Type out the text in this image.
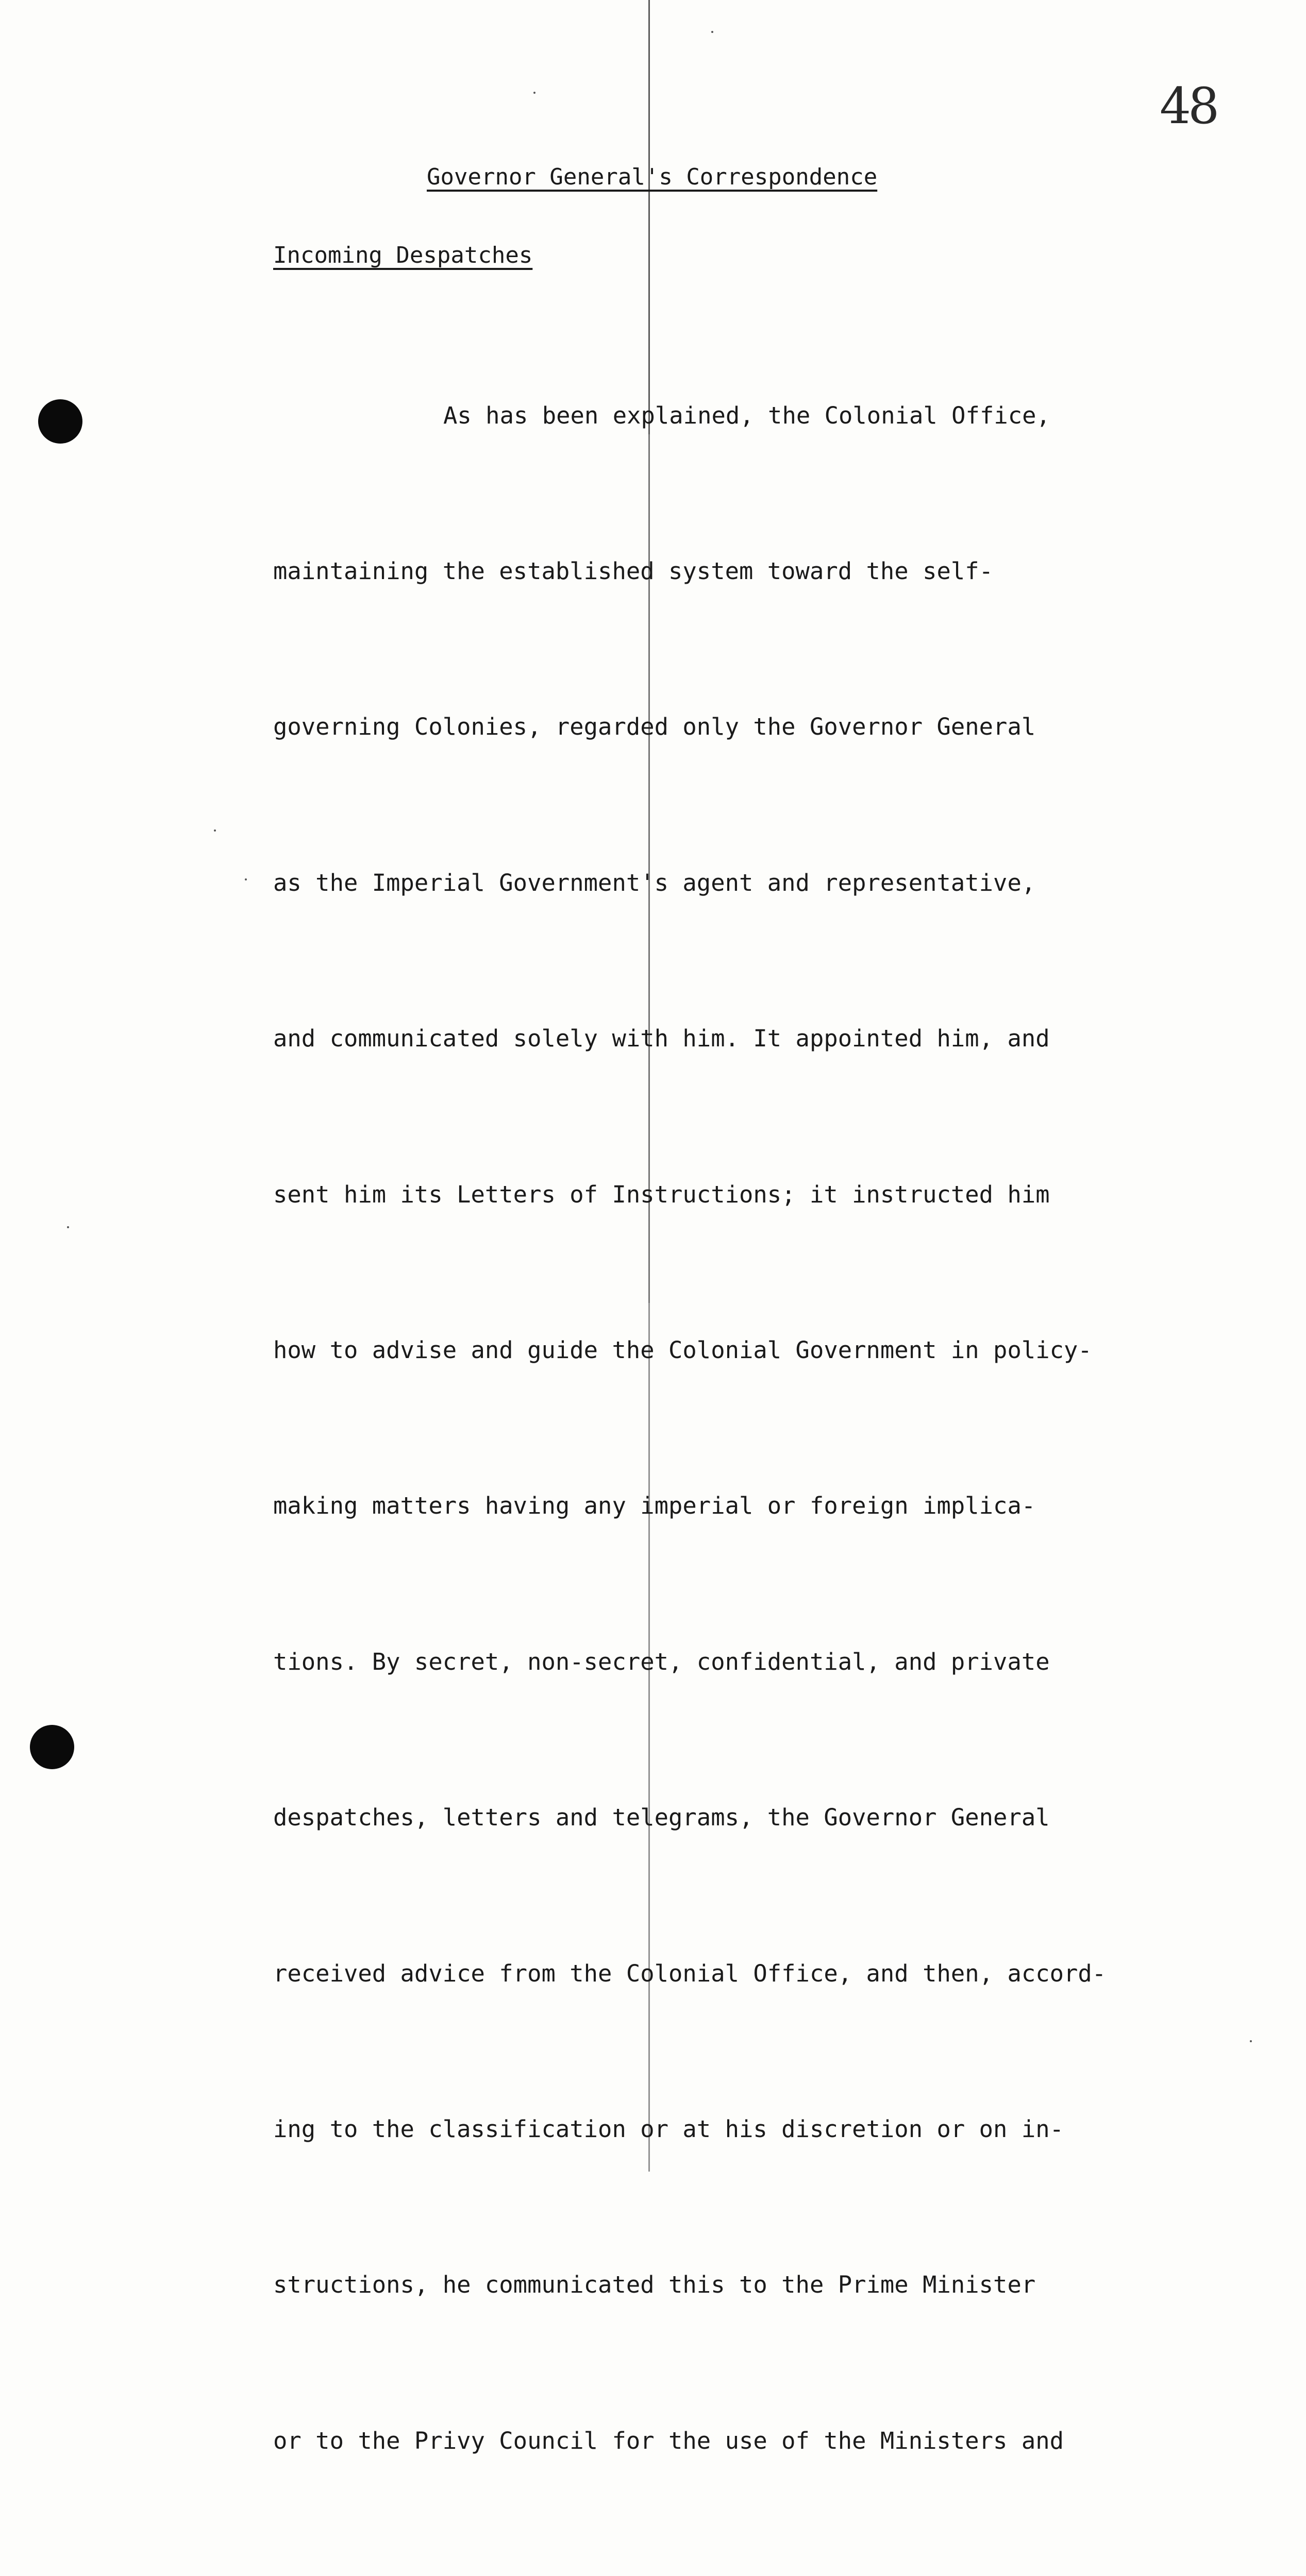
48
Governor General's Correspondence
Incoming Despatches

As has been explained, the Colonial Office,

maintaining the established system toward the self-

governing Colonies, regarded only the Governor General

as the Imperial Government's agent and representative,

and communicated solely with him. It appointed him, and

sent him its Letters of Instructions; it instructed him

how to advise and guide the Colonial Government in policy-

making matters having any imperial or foreign implica-

tions. By secret, non-secret, confidential, and private

despatches, letters and telegrams, the Governor General

received advice from the Colonial Office, and then, accord-

ing to the classification or at his discretion or on in-

structions, he communicated this to the Prime Minister

or to the Privy Council for the use of the Ministers and
